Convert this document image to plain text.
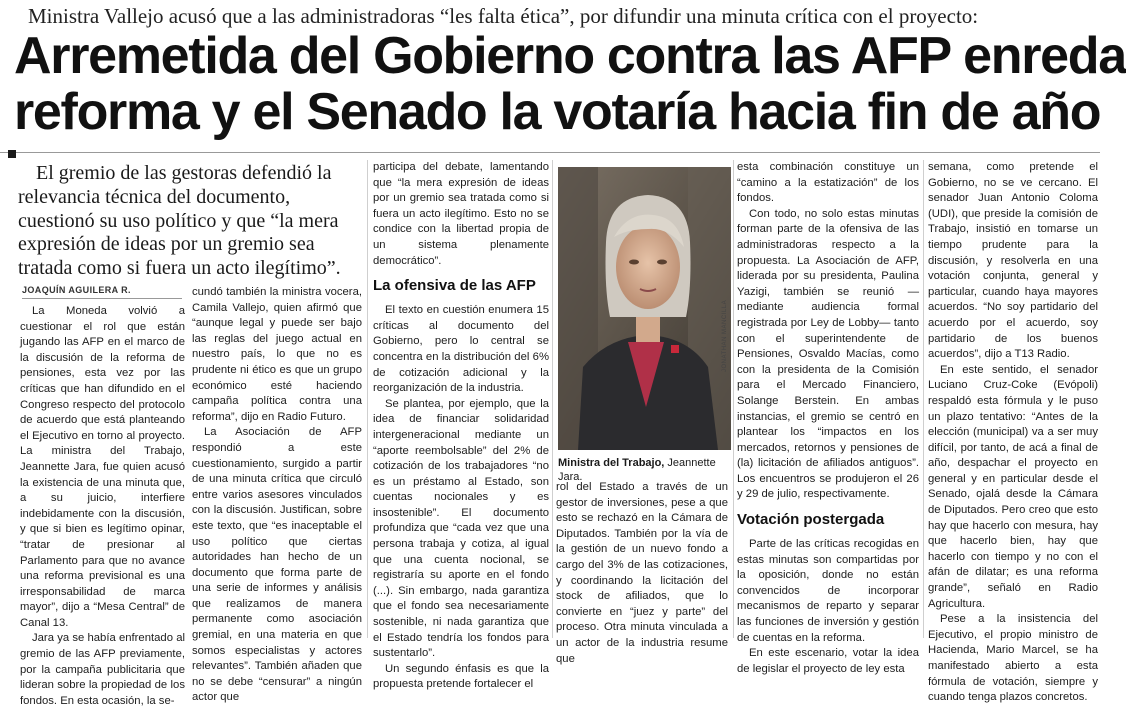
Ministra Vallejo acusó que a las administradoras “les falta ética”, por difundir una minuta crítica con el proyecto:
Arremetida del Gobierno contra las AFP enreda
reforma y el Senado la votaría hacia fin de año

El gremio de las gestoras defendió la relevancia técnica del documento, cuestionó su uso político y que “la mera expresión de ideas por un gremio sea tratada como si fuera un acto ilegítimo”.

JOAQUÍN AGUILERA R.

La Moneda volvió a cuestionar el rol que están jugando las AFP en el marco de la discusión de la reforma de pensiones, esta vez por las críticas que han difundido en el Congreso respecto del protocolo de acuerdo que está planteando el Ejecutivo en torno al proyecto. La ministra del Trabajo, Jeannette Jara, fue quien acusó la existencia de una minuta que, a su juicio, interfiere indebidamente con la discusión, y que si bien es legítimo opinar, “tratar de presionar al Parlamento para que no avance una reforma previsional es una irresponsabilidad de marca mayor”, dijo a “Mesa Central” de Canal 13.

Jara ya se había enfrentado al gremio de las AFP previamente, por la campaña publicitaria que lideran sobre la propiedad de los fondos. En esta ocasión, la se-

cundó también la ministra vocera, Camila Vallejo, quien afirmó que “aunque legal y puede ser bajo las reglas del juego actual en nuestro país, lo que no es prudente ni ético es que un grupo económico esté haciendo campaña política contra una reforma”, dijo en Radio Futuro.

La Asociación de AFP respondió a este cuestionamiento, surgido a partir de una minuta crítica que circuló entre varios asesores vinculados con la discusión. Justifican, sobre este texto, que “es inaceptable el uso político que ciertas autoridades han hecho de un documento que forma parte de una serie de informes y análisis que realizamos de manera permanente como asociación gremial, en una materia en que somos especialistas y actores relevantes”. También añaden que no se debe “censurar” a ningún actor que

participa del debate, lamentando que “la mera expresión de ideas por un gremio sea tratada como si fuera un acto ilegítimo. Esto no se condice con la libertad propia de un sistema plenamente democrático”.

La ofensiva de las AFP

El texto en cuestión enumera 15 críticas al documento del Gobierno, pero lo central se concentra en la distribución del 6% de cotización adicional y la reorganización de la industria.

Se plantea, por ejemplo, que la idea de financiar solidaridad intergeneracional mediante un “aporte reembolsable” del 2% de cotización de los trabajadores “no es un préstamo al Estado, son cuentas nocionales y es insostenible”. El documento profundiza que “cada vez que una persona trabaja y cotiza, al igual que una cuenta nocional, se registraría su aporte en el fondo (...). Sin embargo, nada garantiza que el fondo sea necesariamente sostenible, ni nada garantiza que el Estado tendría los fondos para sustentarlo”.

Un segundo énfasis es que la propuesta pretende fortalecer el

JONATHAN MANCILLA
Ministra del Trabajo, Jeannette Jara.

rol del Estado a través de un gestor de inversiones, pese a que esto se rechazó en la Cámara de Diputados. También por la vía de la gestión de un nuevo fondo a cargo del 3% de las cotizaciones, y coordinando la licitación del stock de afiliados, que lo convierte en “juez y parte” del proceso. Otra minuta vinculada a un actor de la industria resume que

esta combinación constituye un “camino a la estatización” de los fondos.

Con todo, no solo estas minutas forman parte de la ofensiva de las administradoras respecto a la propuesta. La Asociación de AFP, liderada por su presidenta, Paulina Yazigi, también se reunió —mediante audiencia formal registrada por Ley de Lobby— tanto con el superintendente de Pensiones, Osvaldo Macías, como con la presidenta de la Comisión para el Mercado Financiero, Solange Berstein. En ambas instancias, el gremio se centró en plantear los “impactos en los mercados, retornos y pensiones de (la) licitación de afiliados antiguos”. Los encuentros se produjeron el 26 y 29 de julio, respectivamente.

Votación postergada

Parte de las críticas recogidas en estas minutas son compartidas por la oposición, donde no están convencidos de incorporar mecanismos de reparto y separar las funciones de inversión y gestión de cuentas en la reforma.

En este escenario, votar la idea de legislar el proyecto de ley esta

semana, como pretende el Gobierno, no se ve cercano. El senador Juan Antonio Coloma (UDI), que preside la comisión de Trabajo, insistió en tomarse un tiempo prudente para la discusión, y resolverla en una votación conjunta, general y particular, cuando haya mayores acuerdos. “No soy partidario del acuerdo por el acuerdo, soy partidario de los buenos acuerdos”, dijo a T13 Radio.

En este sentido, el senador Luciano Cruz-Coke (Evópoli) respaldó esta fórmula y le puso un plazo tentativo: “Antes de la elección (municipal) va a ser muy difícil, por tanto, de acá a final de año, despachar el proyecto en general y en particular desde el Senado, ojalá desde la Cámara de Diputados. Pero creo que esto hay que hacerlo con mesura, hay que hacerlo bien, hay que hacerlo con tiempo y no con el afán de dilatar; es una reforma grande”, señaló en Radio Agricultura.

Pese a la insistencia del Ejecutivo, el propio ministro de Hacienda, Mario Marcel, se ha manifestado abierto a esta fórmula de votación, siempre y cuando tenga plazos concretos.
